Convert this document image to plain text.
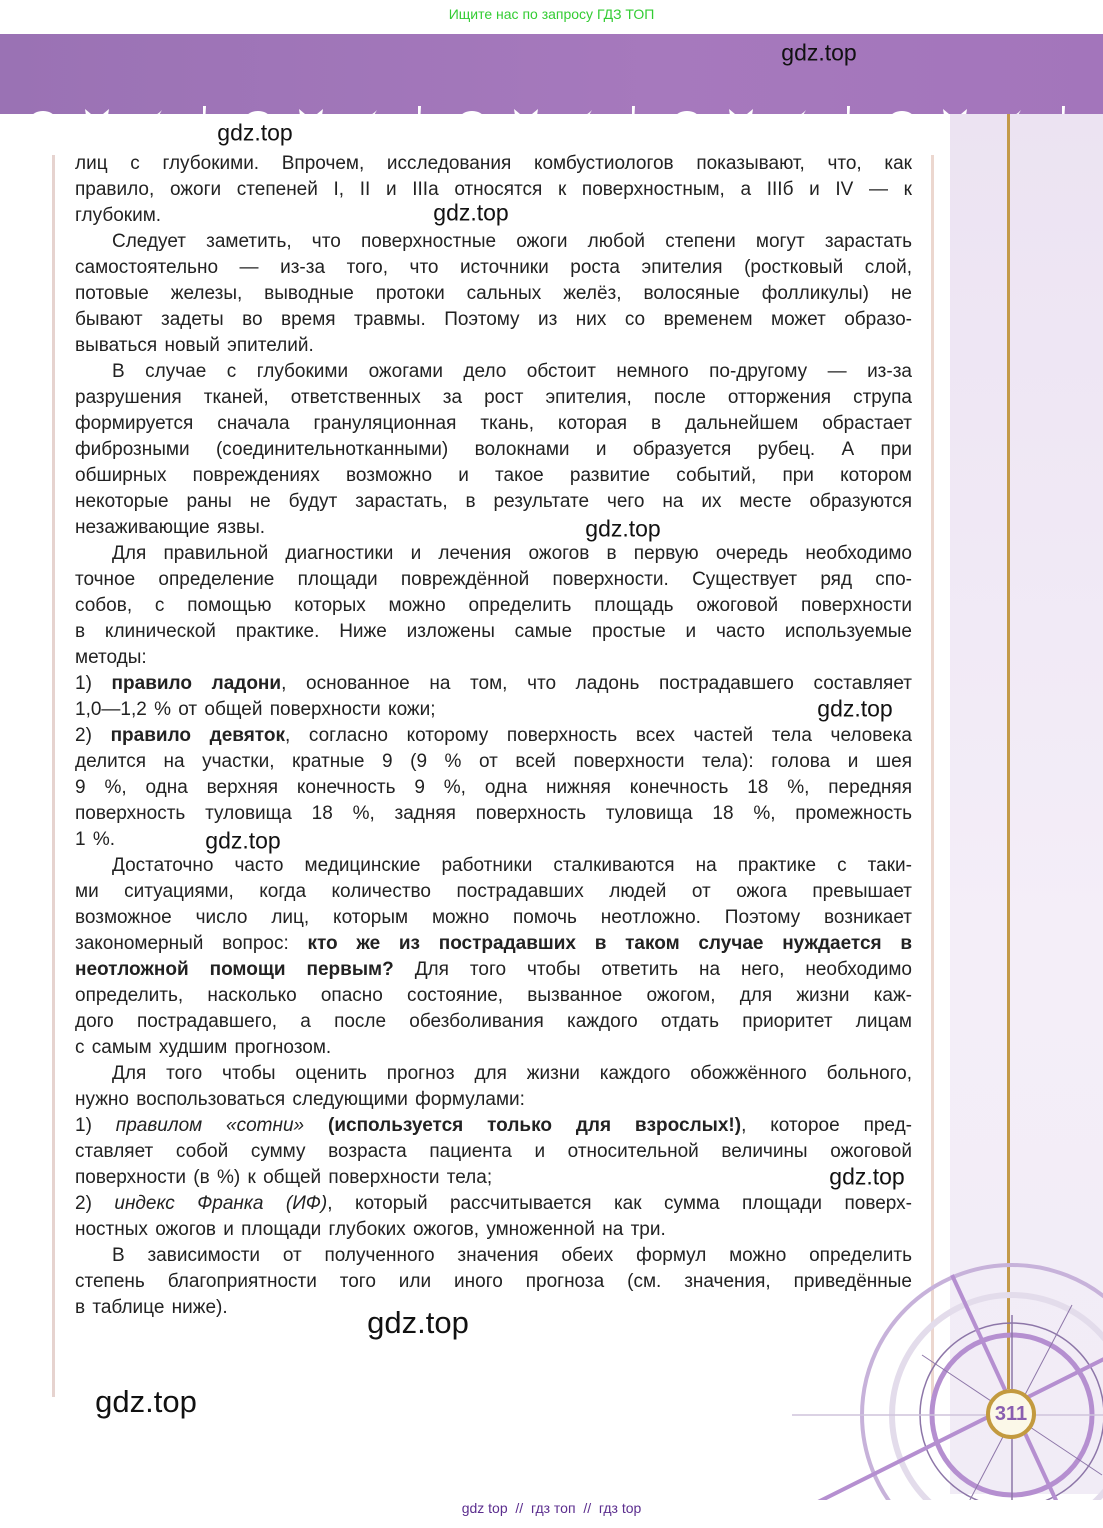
Ищите нас по запросу ГДЗ ТОП
311
лиц с глубокими. Впрочем, исследования комбустиологов показывают, что, как
правило, ожоги степеней I, II и IIIа относятся к поверхностным, а IIIб и IV — к
глубоким.
Следует заметить, что поверхностные ожоги любой степени могут зарастать
самостоятельно — из-за того, что источники роста эпителия (ростковый слой,
потовые железы, выводные протоки сальных желёз, волосяные фолликулы) не
бывают задеты во время травмы. Поэтому из них со временем может образо-
вываться новый эпителий.
В случае с глубокими ожогами дело обстоит немного по-другому — из-за
разрушения тканей, ответственных за рост эпителия, после отторжения струпа
формируется сначала грануляционная ткань, которая в дальнейшем обрастает
фиброзными (соединительнотканными) волокнами и образуется рубец. А при
обширных повреждениях возможно и такое развитие событий, при котором
некоторые раны не будут зарастать, в результате чего на их месте образуются
незаживающие язвы.
Для правильной диагностики и лечения ожогов в первую очередь необходимо
точное определение площади повреждённой поверхности. Существует ряд спо-
собов, с помощью которых можно определить площадь ожоговой поверхности
в клинической практике. Ниже изложены самые простые и часто используемые
методы:
1) правило ладони, основанное на том, что ладонь пострадавшего составляет
1,0—1,2 % от общей поверхности кожи;
2) правило девяток, согласно которому поверхность всех частей тела человека
делится на участки, кратные 9 (9 % от всей поверхности тела): голова и шея
9 %, одна верхняя конечность 9 %, одна нижняя конечность 18 %, передняя
поверхность туловища 18 %, задняя поверхность туловища 18 %, промежность
1 %.
Достаточно часто медицинские работники сталкиваются на практике с таки-
ми ситуациями, когда количество пострадавших людей от ожога превышает
возможное число лиц, которым можно помочь неотложно. Поэтому возникает
закономерный вопрос: кто же из пострадавших в таком случае нуждается в
неотложной помощи первым? Для того чтобы ответить на него, необходимо
определить, насколько опасно состояние, вызванное ожогом, для жизни каж-
дого пострадавшего, а после обезболивания каждого отдать приоритет лицам
с самым худшим прогнозом.
Для того чтобы оценить прогноз для жизни каждого обожжённого больного,
нужно воспользоваться следующими формулами:
1) правилом «сотни» (используется только для взрослых!), которое пред-
ставляет собой сумму возраста пациента и относительной величины ожоговой
поверхности (в %) к общей поверхности тела;
2) индекс Франка (ИФ), который рассчитывается как сумма площади поверх-
ностных ожогов и площади глубоких ожогов, умноженной на три.
В зависимости от полученного значения обеих формул можно определить
степень благоприятности того или иного прогноза (см. значения, приведённые
в таблице ниже).
gdz.top
gdz.top
gdz.top
gdz.top
gdz.top
gdz.top
gdz.top
gdz.top
gdz.top
gdz top // гдз топ // гдз top
